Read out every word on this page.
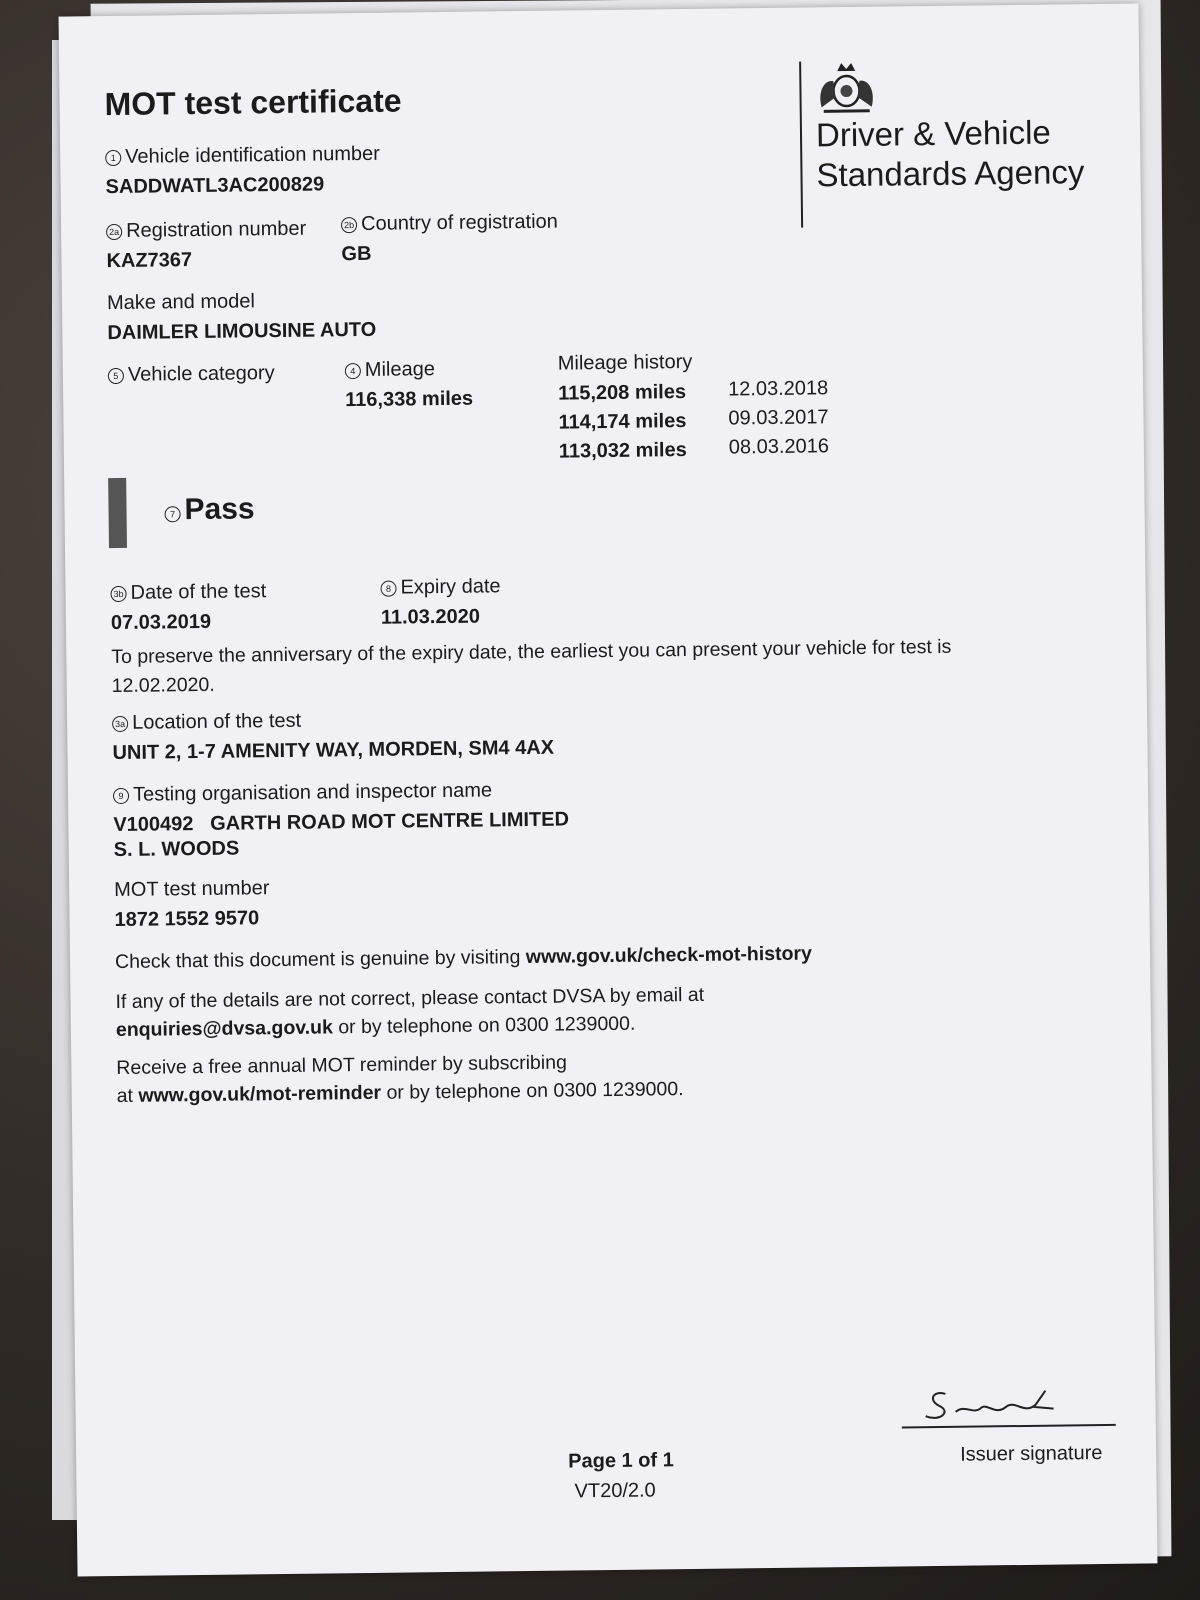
MOT test certificate
Driver & Vehicle Standards Agency
1 Vehicle identification number
SADDWATL3AC200829
2a Registration number
KAZ7367
2b Country of registration
GB
Make and model
DAIMLER LIMOUSINE AUTO
5 Vehicle category	4 Mileage
116,338 miles
Mileage history
115,208 miles 12.03.2018
114,174 miles 09.03.2017
113,032 miles 08.03.2016
7 Pass
3b Date of the test
07.03.2019
8 Expiry date
11.03.2020
To preserve the anniversary of the expiry date, the earliest you can present your vehicle for test is
12.02.2020.
3a Location of the test
UNIT 2, 1-7 AMENITY WAY, MORDEN, SM4 4AX
9 Testing organisation and inspector name
V100492 GARTH ROAD MOT CENTRE LIMITED
S. L. WOODS
MOT test number
1872 1552 9570
Check that this document is genuine by visiting www.gov.uk/check-mot-history
If any of the details are not correct, please contact DVSA by email at
enquiries@dvsa.gov.uk or by telephone on 0300 1239000.
Receive a free annual MOT reminder by subscribing
at www.gov.uk/mot-reminder or by telephone on 0300 1239000.
Issuer signature
Page 1 of 1
VT20/2.0
